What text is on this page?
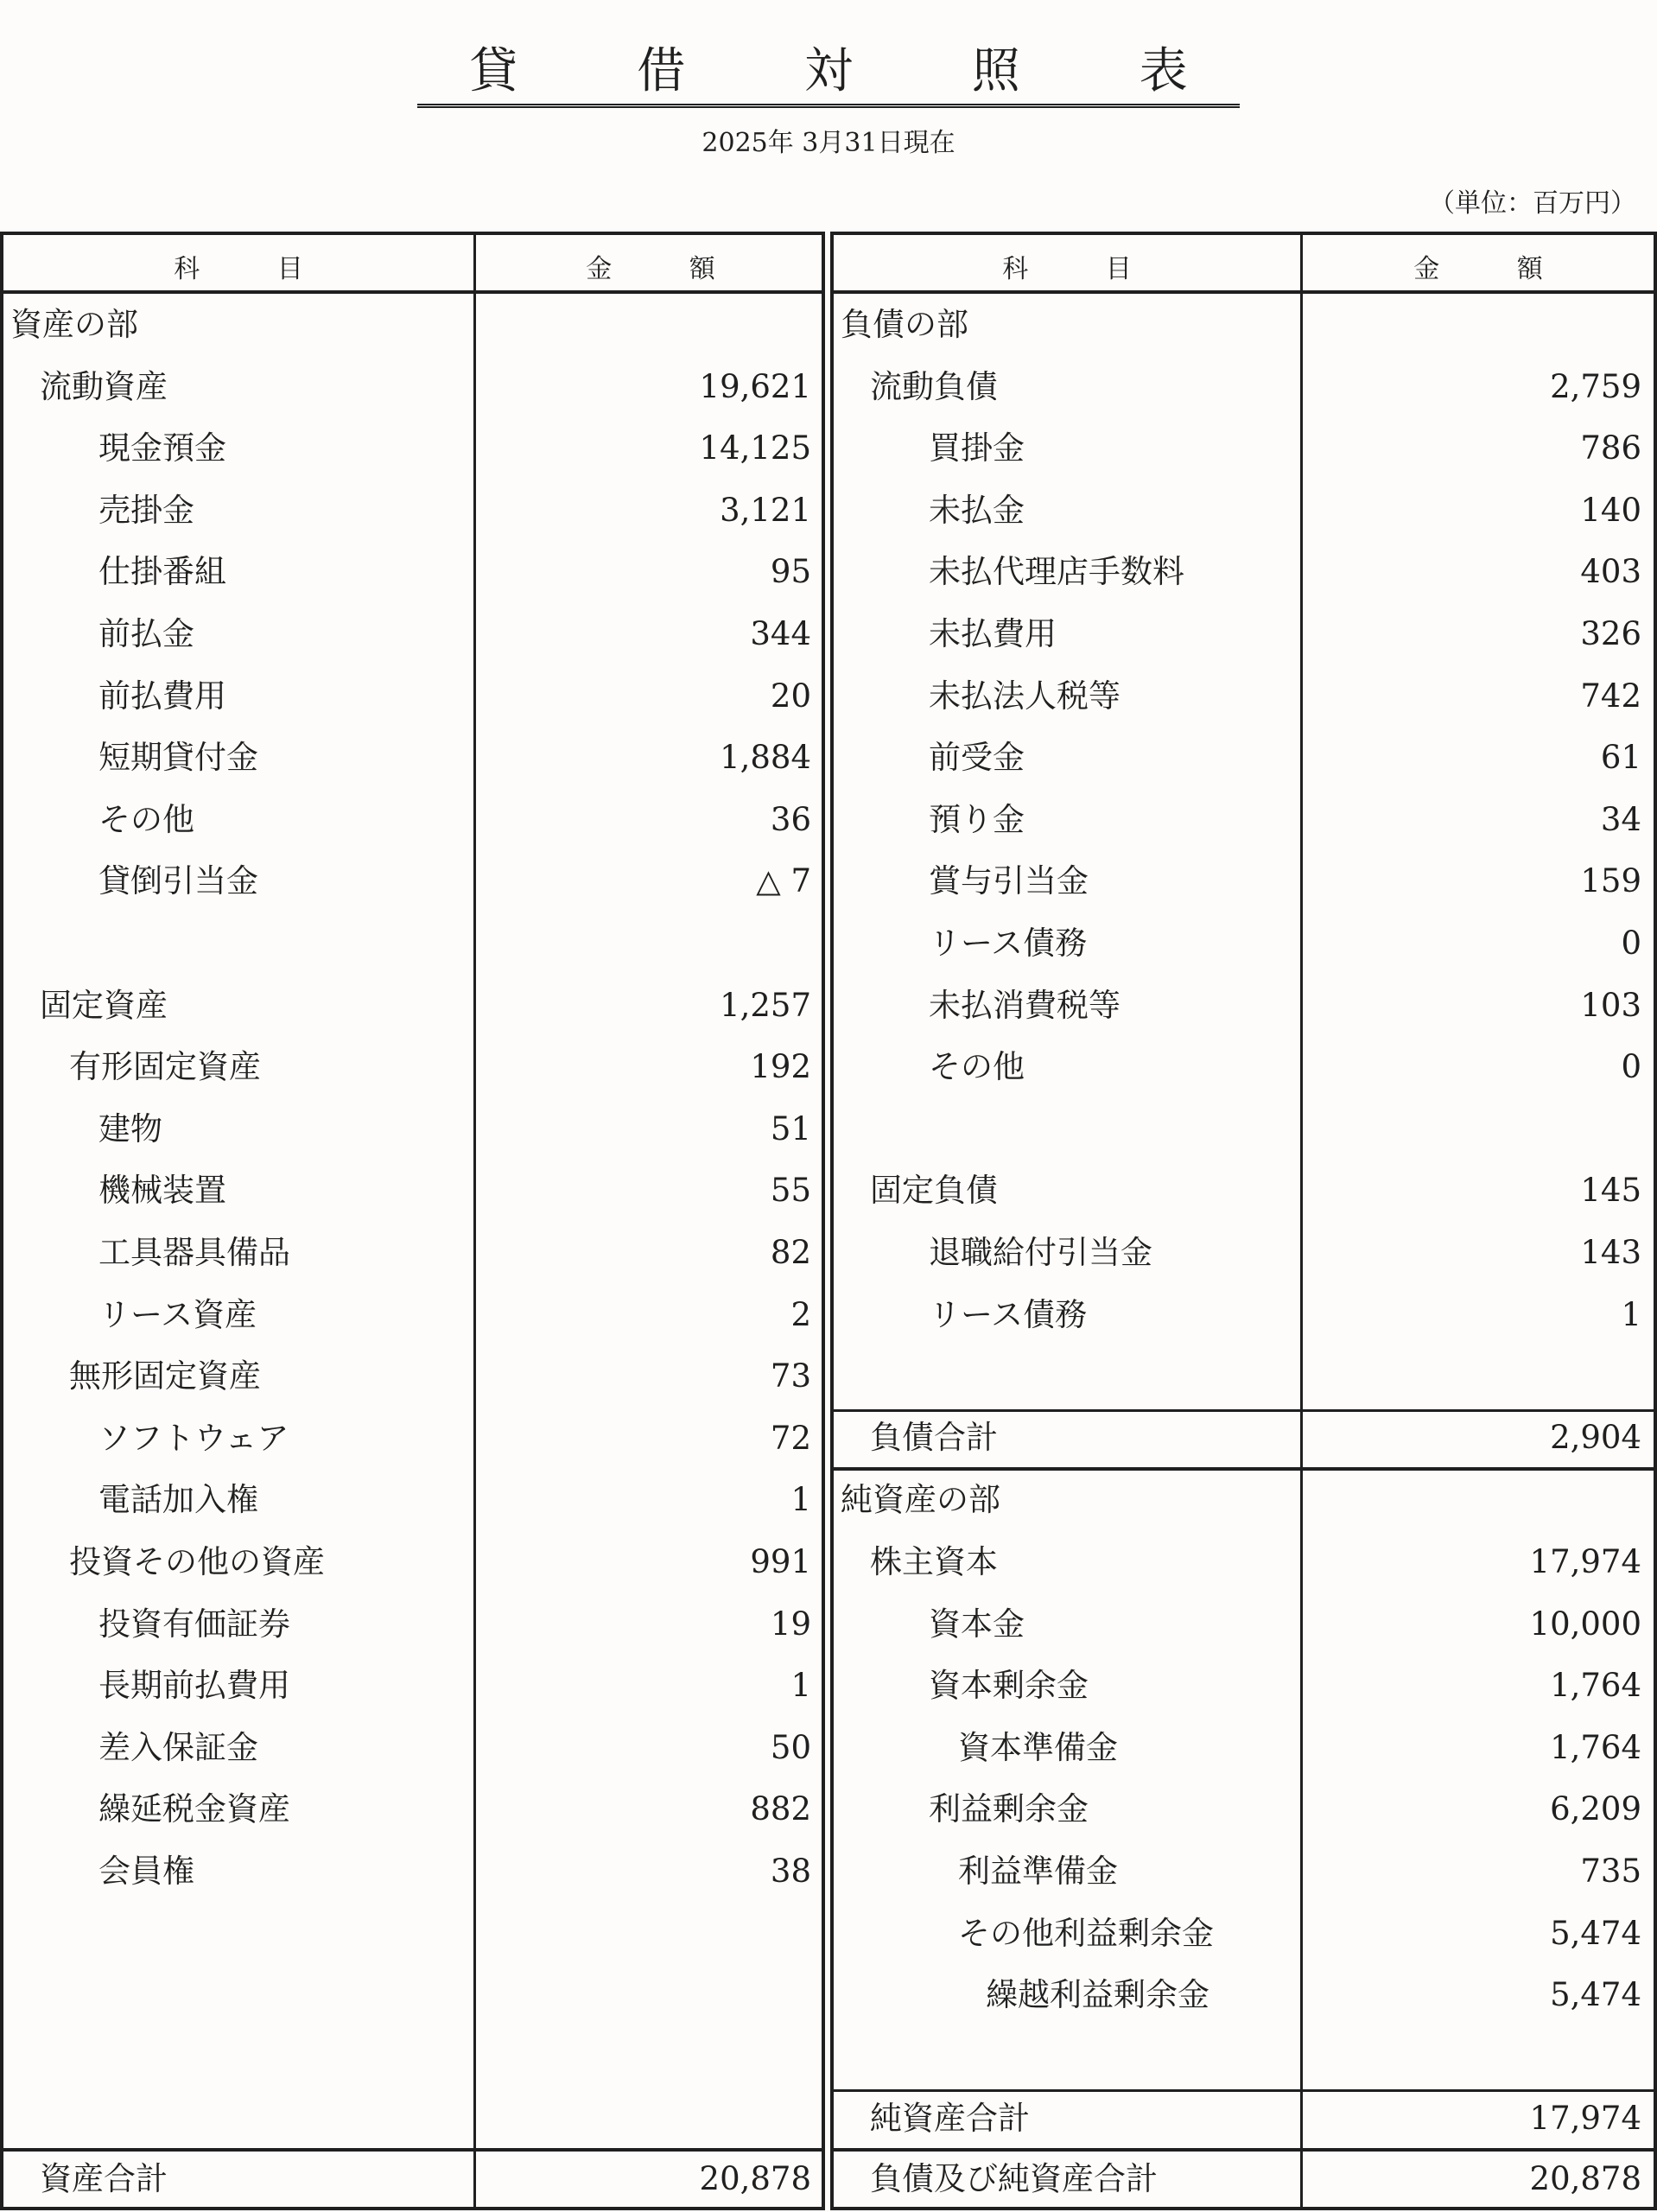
貸 借 対 照 表
2025年 3月31日現在
（単位：百万円）
科 目	金 額
資産の部
流動資産	19,621
現金預金	14,125
売掛金	3,121
仕掛番組	95
前払金	344
前払費用	20
短期貸付金	1,884
その他	36
貸倒引当金	△ 7
固定資産	1,257
有形固定資産	192
建物	51
機械装置	55
工具器具備品	82
リース資産	2
無形固定資産	73
ソフトウェア	72
電話加入権	1
投資その他の資産	991
投資有価証券	19
長期前払費用	1
差入保証金	50
繰延税金資産	882
会員権	38
資産合計	20,878
科 目	金 額
負債の部
流動負債	2,759
買掛金	786
未払金	140
未払代理店手数料	403
未払費用	326
未払法人税等	742
前受金	61
預り金	34
賞与引当金	159
リース債務	0
未払消費税等	103
その他	0
固定負債	145
退職給付引当金	143
リース債務	1
負債合計	2,904
純資産の部
株主資本	17,974
資本金	10,000
資本剰余金	1,764
資本準備金	1,764
利益剰余金	6,209
利益準備金	735
その他利益剰余金	5,474
繰越利益剰余金	5,474
純資産合計	17,974
負債及び純資産合計	20,878
